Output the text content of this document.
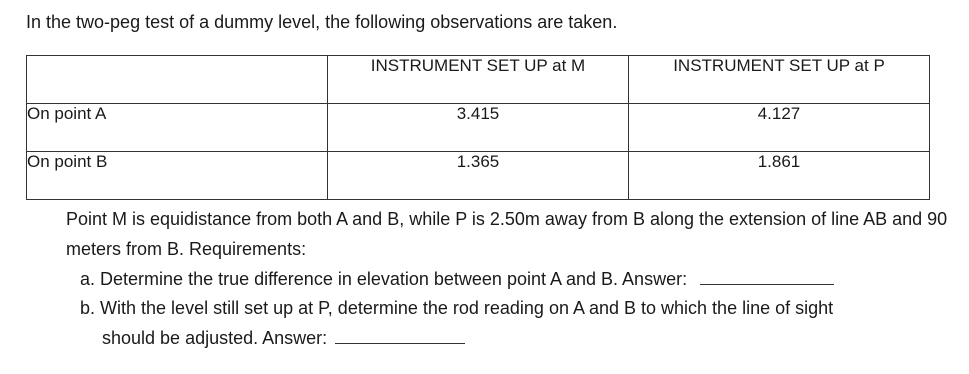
In the two-peg test of a dummy level, the following observations are taken.
	INSTRUMENT SET UP at M	INSTRUMENT SET UP at P
On point A	3.415	4.127
On point B	1.365	1.861
Point M is equidistance from both A and B, while P is 2.50m away from B along the extension of line AB and 90 meters from B. Requirements:
a. Determine the true difference in elevation between point A and B. Answer:
b. With the level still set up at P, determine the rod reading on A and B to which the line of sight
should be adjusted. Answer:
